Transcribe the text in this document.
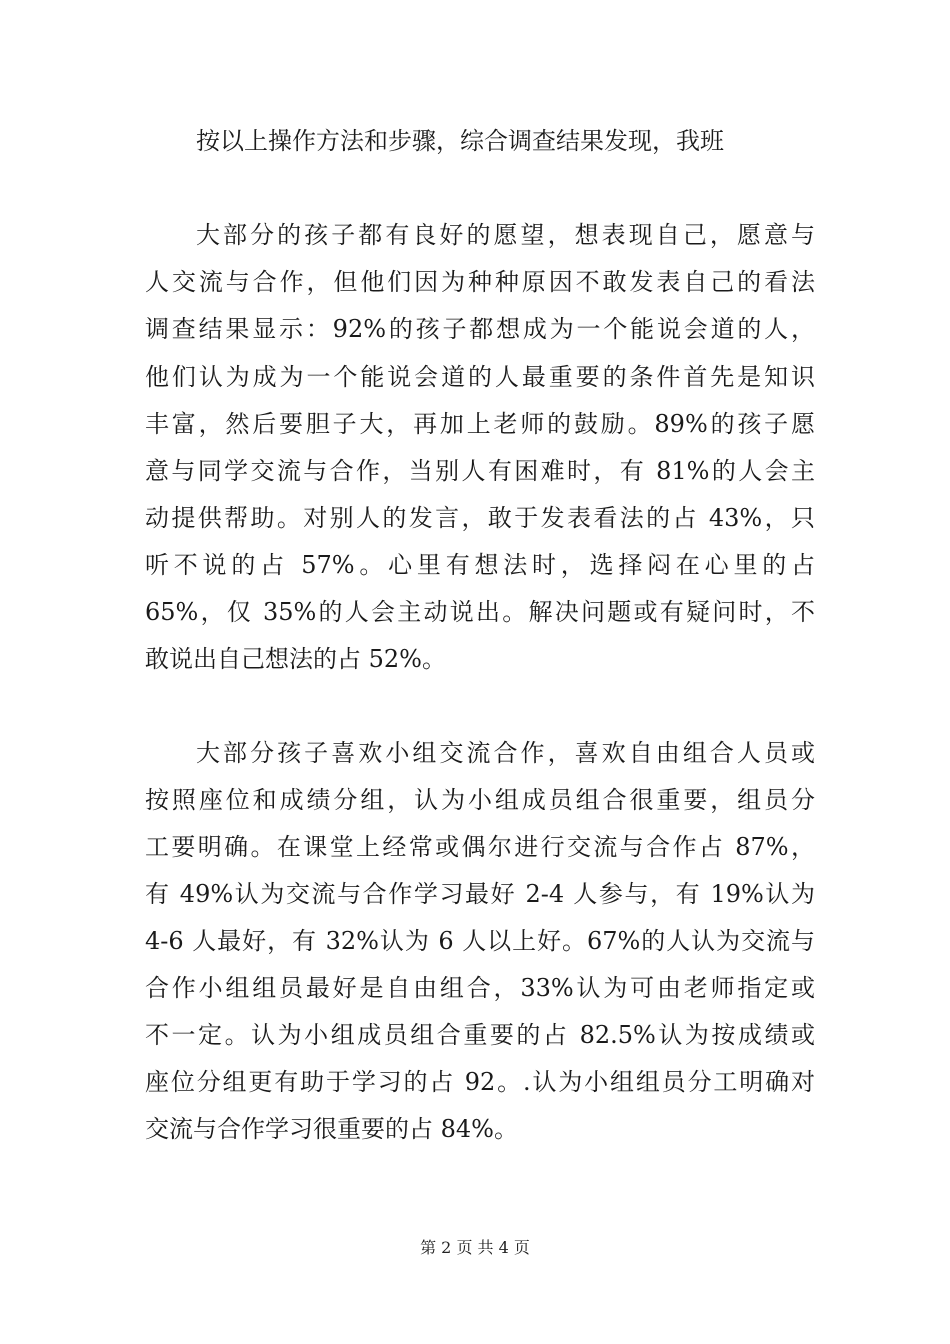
按以上操作方法和步骤，综合调查结果发现，我班
大部分的孩子都有良好的愿望，想表现自己，愿意与
人交流与合作，但他们因为种种原因不敢发表自己的看法
调查结果显示：92%的孩子都想成为一个能说会道的人，
他们认为成为一个能说会道的人最重要的条件首先是知识
丰富，然后要胆子大，再加上老师的鼓励。89%的孩子愿
意与同学交流与合作，当别人有困难时，有 81%的人会主
动提供帮助。对别人的发言，敢于发表看法的占 43%，只
听不说的占 57%。心里有想法时，选择闷在心里的占
65%，仅 35%的人会主动说出。解决问题或有疑问时，不
敢说出自己想法的占 52%。
大部分孩子喜欢小组交流合作，喜欢自由组合人员或
按照座位和成绩分组，认为小组成员组合很重要，组员分
工要明确。在课堂上经常或偶尔进行交流与合作占 87%，
有 49%认为交流与合作学习最好 2-4 人参与，有 19%认为
4-6 人最好，有 32%认为 6 人以上好。67%的人认为交流与
合作小组组员最好是自由组合，33%认为可由老师指定或
不一定。认为小组成员组合重要的占 82.5%认为按成绩或
座位分组更有助于学习的占 92。.认为小组组员分工明确对
交流与合作学习很重要的占 84%。
第 2 页 共 4 页
